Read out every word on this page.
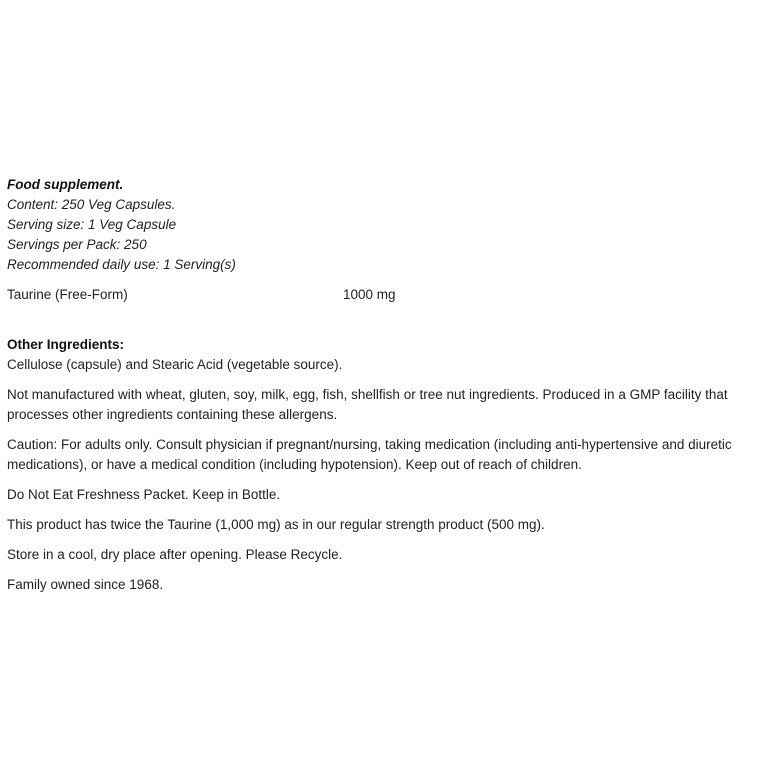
Food supplement.
Content: 250 Veg Capsules.
Serving size: 1 Veg Capsule
Servings per Pack: 250
Recommended daily use: 1 Serving(s)
Taurine (Free-Form)	1000 mg
Other Ingredients:
Cellulose (capsule) and Stearic Acid (vegetable source).
Not manufactured with wheat, gluten, soy, milk, egg, fish, shellfish or tree nut ingredients. Produced in a GMP facility that processes other ingredients containing these allergens.
Caution: For adults only. Consult physician if pregnant/nursing, taking medication (including anti-hypertensive and diuretic medications), or have a medical condition (including hypotension). Keep out of reach of children.
Do Not Eat Freshness Packet. Keep in Bottle.
This product has twice the Taurine (1,000 mg) as in our regular strength product (500 mg).
Store in a cool, dry place after opening. Please Recycle.
Family owned since 1968.
